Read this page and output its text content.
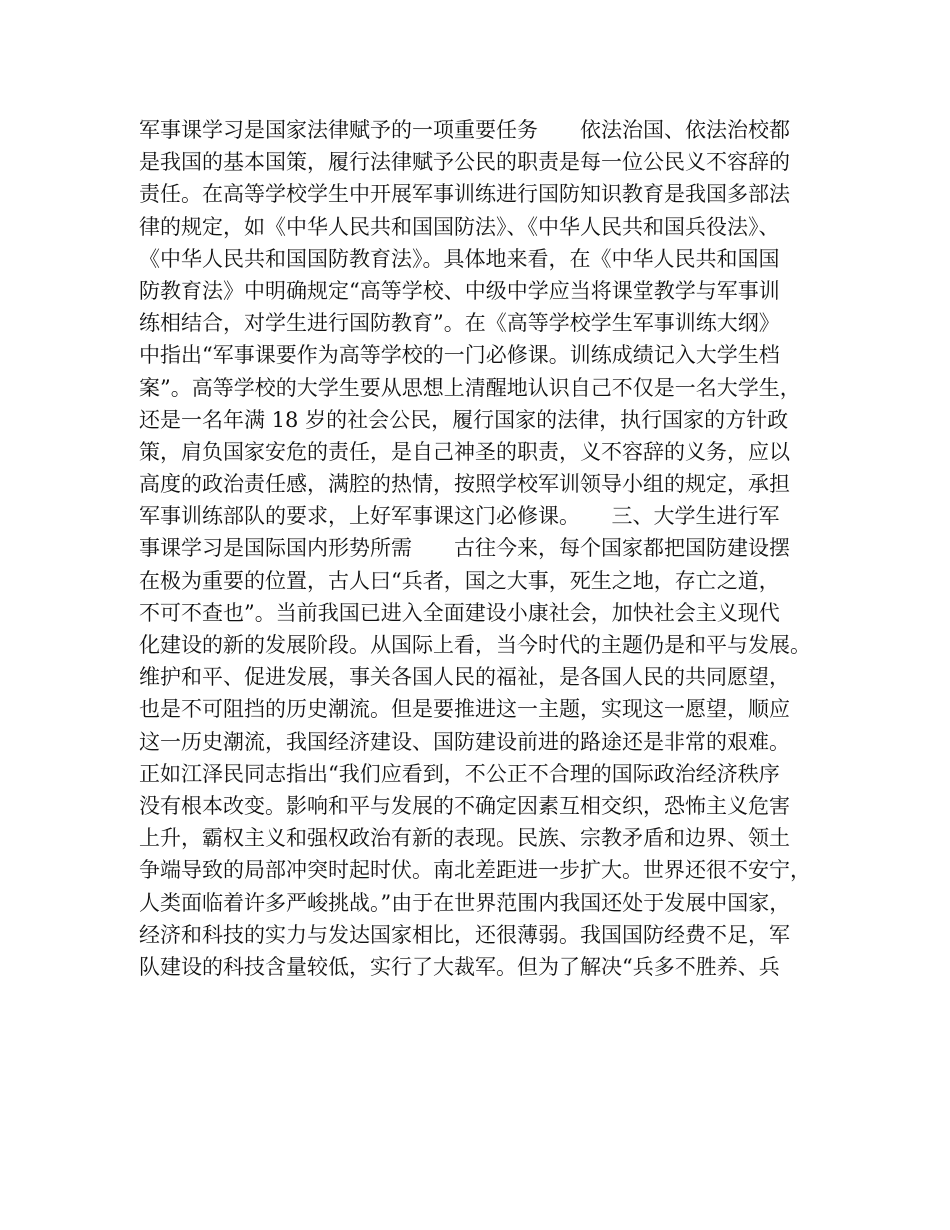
军事课学习是国家法律赋予的一项重要任务　　依法治国、依法治校都
是我国的基本国策，履行法律赋予公民的职责是每一位公民义不容辞的
责任。在高等学校学生中开展军事训练进行国防知识教育是我国多部法
律的规定，如《中华人民共和国国防法》、《中华人民共和国兵役法》、
《中华人民共和国国防教育法》。具体地来看，在《中华人民共和国国
防教育法》中明确规定“高等学校、中级中学应当将课堂教学与军事训
练相结合，对学生进行国防教育”。在《高等学校学生军事训练大纲》
中指出“军事课要作为高等学校的一门必修课。训练成绩记入大学生档
案”。高等学校的大学生要从思想上清醒地认识自己不仅是一名大学生，
还是一名年满 18 岁的社会公民，履行国家的法律，执行国家的方针政
策，肩负国家安危的责任，是自己神圣的职责，义不容辞的义务，应以
高度的政治责任感，满腔的热情，按照学校军训领导小组的规定，承担
军事训练部队的要求，上好军事课这门必修课。　　三、大学生进行军
事课学习是国际国内形势所需　　古往今来，每个国家都把国防建设摆
在极为重要的位置，古人曰“兵者，国之大事，死生之地，存亡之道，
不可不查也”。当前我国已进入全面建设小康社会，加快社会主义现代
化建设的新的发展阶段。从国际上看，当今时代的主题仍是和平与发展。
维护和平、促进发展，事关各国人民的福祉，是各国人民的共同愿望，
也是不可阻挡的历史潮流。但是要推进这一主题，实现这一愿望，顺应
这一历史潮流，我国经济建设、国防建设前进的路途还是非常的艰难。
正如江泽民同志指出“我们应看到，不公正不合理的国际政治经济秩序
没有根本改变。影响和平与发展的不确定因素互相交织，恐怖主义危害
上升，霸权主义和强权政治有新的表现。民族、宗教矛盾和边界、领土
争端导致的局部冲突时起时伏。南北差距进一步扩大。世界还很不安宁，
人类面临着许多严峻挑战。”由于在世界范围内我国还处于发展中国家，
经济和科技的实力与发达国家相比，还很薄弱。我国国防经费不足，军
队建设的科技含量较低，实行了大裁军。但为了解决“兵多不胜养、兵
